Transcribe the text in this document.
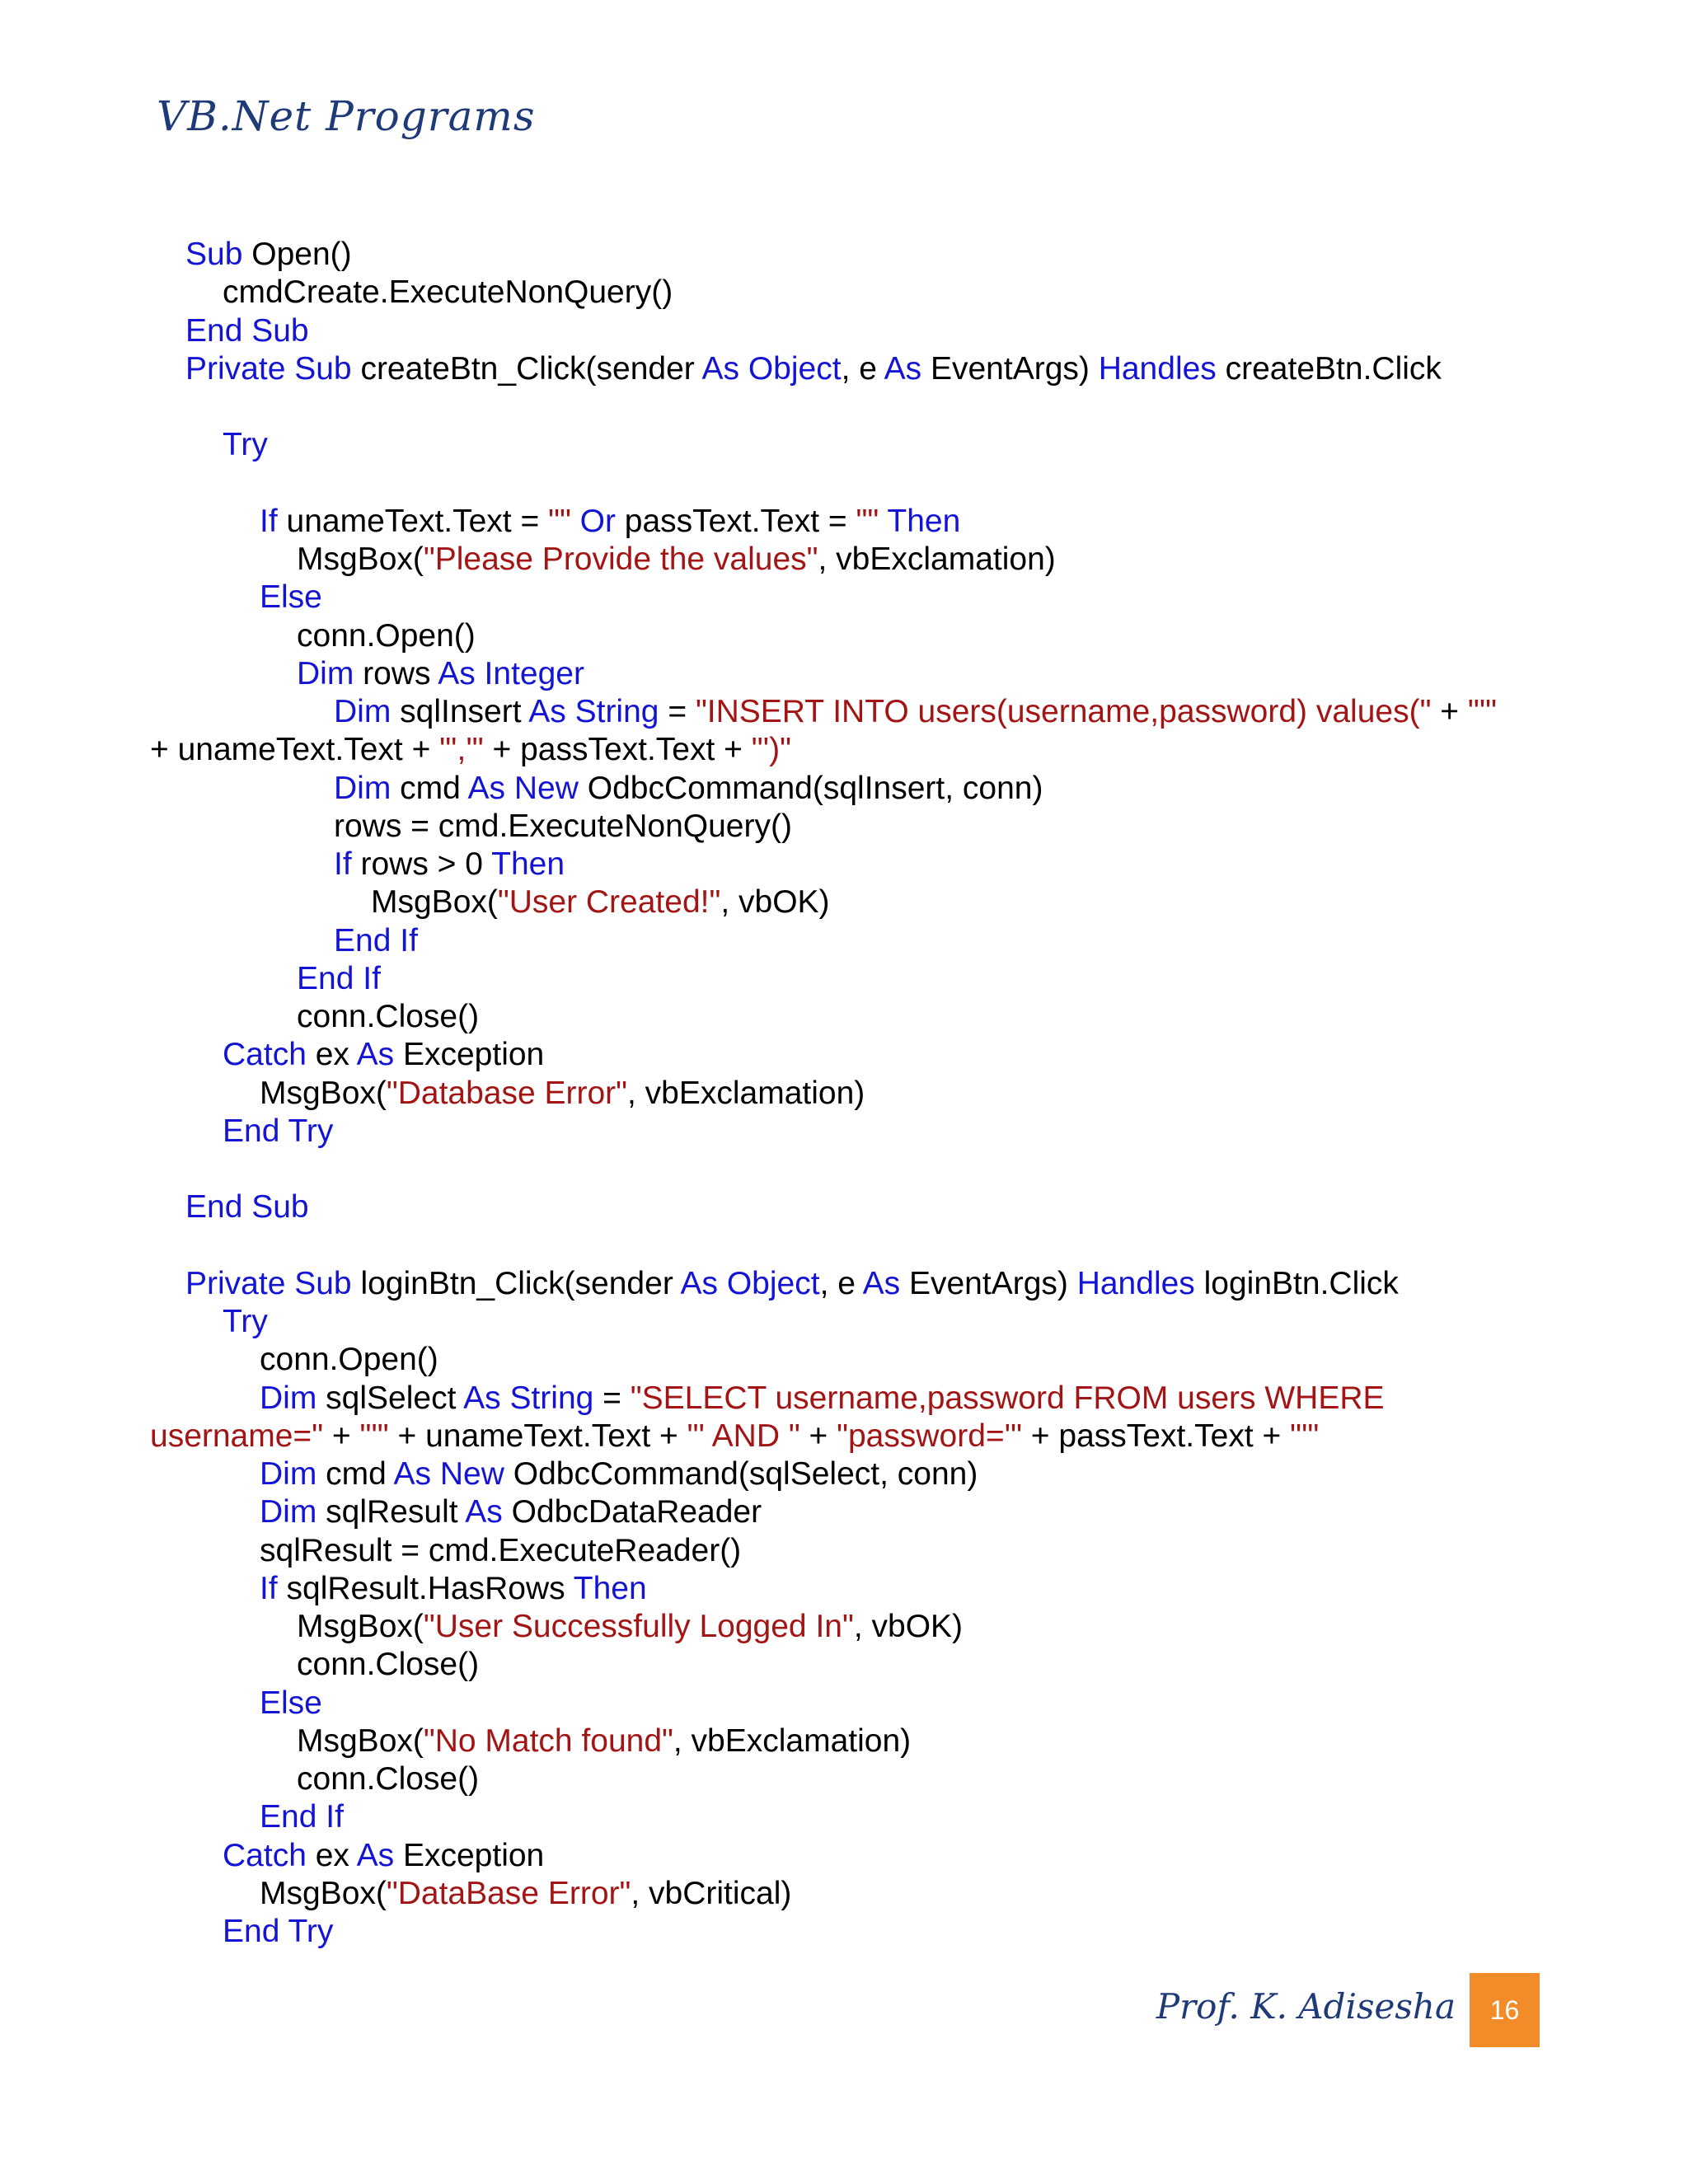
VB.Net Programs
Sub Open()
cmdCreate.ExecuteNonQuery()
End Sub
Private Sub createBtn_Click(sender As Object, e As EventArgs) Handles createBtn.Click
Try
If unameText.Text = "" Or passText.Text = "" Then
MsgBox("Please Provide the values", vbExclamation)
Else
conn.Open()
Dim rows As Integer
Dim sqlInsert As String = "INSERT INTO users(username,password) values(" + "'"
+ unameText.Text + "','" + passText.Text + "')"
Dim cmd As New OdbcCommand(sqlInsert, conn)
rows = cmd.ExecuteNonQuery()
If rows > 0 Then
MsgBox("User Created!", vbOK)
End If
End If
conn.Close()
Catch ex As Exception
MsgBox("Database Error", vbExclamation)
End Try
End Sub
Private Sub loginBtn_Click(sender As Object, e As EventArgs) Handles loginBtn.Click
Try
conn.Open()
Dim sqlSelect As String = "SELECT username,password FROM users WHERE
username=" + "'" + unameText.Text + "' AND " + "password='" + passText.Text + "'"
Dim cmd As New OdbcCommand(sqlSelect, conn)
Dim sqlResult As OdbcDataReader
sqlResult = cmd.ExecuteReader()
If sqlResult.HasRows Then
MsgBox("User Successfully Logged In", vbOK)
conn.Close()
Else
MsgBox("No Match found", vbExclamation)
conn.Close()
End If
Catch ex As Exception
MsgBox("DataBase Error", vbCritical)
End Try
Prof. K. Adisesha	16
